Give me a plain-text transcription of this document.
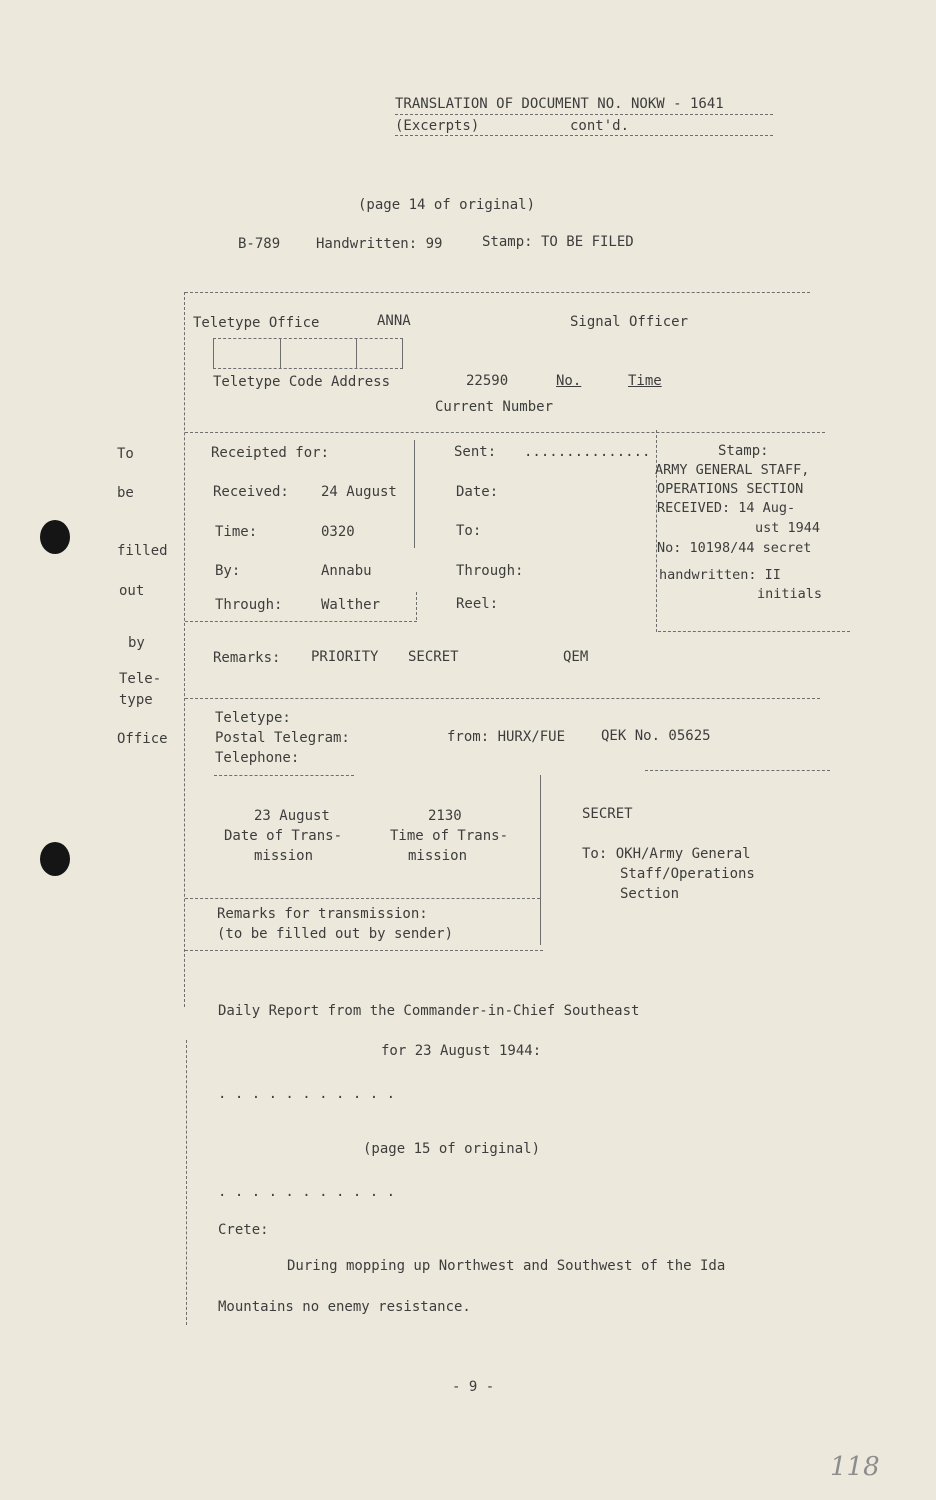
TRANSLATION OF DOCUMENT NO. NOKW - 1641
(Excerpts)	cont'd.
(page 14 of original)
B-789	Handwritten: 99	Stamp: TO BE FILED
Teletype Office	ANNA	Signal Officer
Teletype Code Address	22590	No.	Time
Current Number
To
be
filled
out
by
Tele-
type
Office
Receipted for:
Received: 24 August
Time:	0320
By:	Annabu
Through:	Walther
Sent: ...............
Date:
To:
Through:
Reel:
Stamp:
ARMY GENERAL STAFF,
OPERATIONS SECTION
RECEIVED: 14 Aug-
ust 1944
No: 10198/44 secret
handwritten: II
initials
Remarks: PRIORITY SECRET	QEM
Teletype:
Postal Telegram:
Telephone:
from: HURX/FUE	QEK No. 05625
23 August
Date of Trans-
mission
2130
Time of Trans-
mission
SECRET
To: OKH/Army General
Staff/Operations
Section
Remarks for transmission:
(to be filled out by sender)
Daily Report from the Commander-in-Chief Southeast
for 23 August 1944:
. . . . . . . . . . .
(page 15 of original)
. . . . . . . . . . .
Crete:
During mopping up Northwest and Southwest of the Ida
Mountains no enemy resistance.
- 9 -
118
